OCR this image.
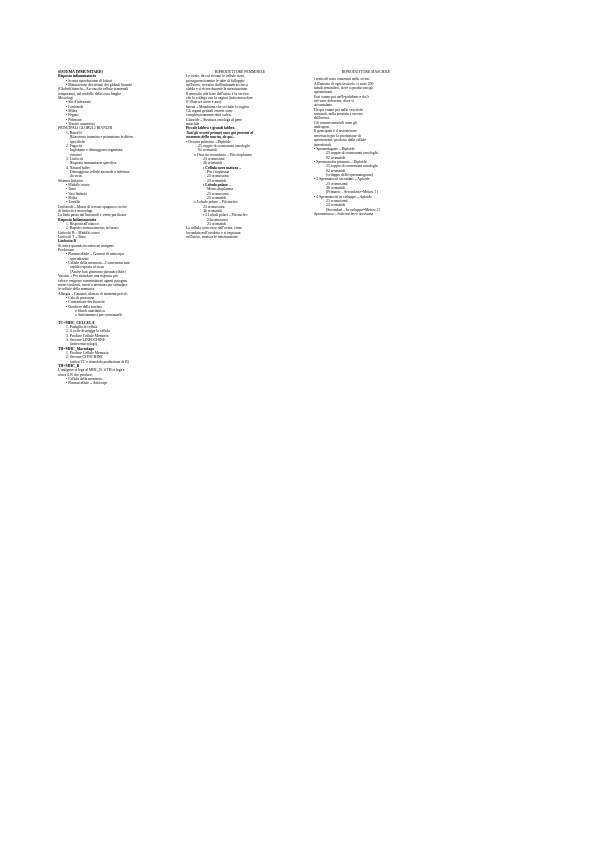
SISTEMA IMMUNITARIO
Risposta infiammatoria
• Scarsa riproduzione di fattori
• Maturazione dei tessuti dei globuli bianchi
(Globuli bianchi→Escono da cellule stamenali
temporanei, nel midollo dello ossa lunghe
Microfagi
• Siti d'infezione
• Linfonodi
• Milza
• Fegato
• Polmone
• Tessuti connettivi
PRINCIPALI GLOBULI BIANCHI
1. Basofili
Rilasciono istamina e potenziano le difese
specifiche
2. Fagociti
Inglobano e distruggono organismi
estranei
3. Linfociti
Risposta immunitaria specifica
4. Natural killer
Distruggono cellule anomale o infettate
da virus
Sistema linfatico
• Midollo osseo
• Timo
• Vasi linfatici
• Milza
• Tonsille
Linfonodi→Masse di tessuto spugnoso ricche
di linfociti e macrofagi
La linfa passa dai linfonodi e viene purificata
Risposta Infiammatoria
1. Risposta all'attacco
2. Rapido riconoscimento in futuro
Linfociti B→Midollo osseo
Linfociti T→Timo
Linfocita B
Si attiva quando incontra un antigene
Producono
• Plasmacellule→Creatori di anticorpo
specializzati
• Cellule della memoria→Consentono una
rapida risposta al virus
[Anche loro generano plasmacellule]
Vaccini→Per stimolare una risposta più
veloce vengono somministrati agenti patogeni
meno virulenti, morti o attenuati per stimolare
le cellule della memoria
Allergia→Causano rilascio di istamina perciò:
• Calo di pressione
• Contrazione dei bronchi
• Gonfiore della trachea
o Shock anafilattico
o Antistaminici per contrastarlo
TC+MHC_CELLULA
1. Punsglia la cellula
2. A volte distrugge la cellula
3. Produce Cellule Memoria
4. Secerne LINFOCHINE
(attiva macrofagi)
TH+MHC_Macrofago
1. Produce Cellule Memoria
2. Secerne CITOCHINE
(attiva TC e stimolala produzione di B)
TH+MHC_B
L'antigene si lega al MHC_B, il TH si lega e
attiva il B che produce:
• Cellule della memoria
• Plasmacellule→Anticorpi
RIPRODUTTORE FEMMINILE
Le ovaie, da cui escono le cellule uovo,
proseguono tramite le tube di falloppio
nell'utero, rivestito dall'endometrio che si
sfalda e si ricrea durante la mestruazione.
Il muscolo alla base dell'utero è la cervice,
che lo collega con la vagina (tubo muscolare
8-10cm tra utero e ano).
Imene→Membrana che occlude la vagina.
Gli organi genitali esterni sono
complessivamente detti vulva.
Clitoride→Struttura omologa al pene
maschile
Piccole labbra e grandi labbra
Tutti gli ovociti primari sono già presenti al
momento della nascita, da qui...
• Ovocita primario→Diploide
23 coppie di cromosomi omologhi
92 cromatidi
o Ovocita secondario→Più citoplasma
23 cromosomi
46 cromatidi
▪ Cellula uovo matura→
Più citoplasma
23 cromosomi
23 cromatidi
▪ Lobulo polare→
Meno citoplasma
23 cromosomi
23 cromatidi
o Lobulo polare→Più nucleo
23 cromosomi
46 cromatidi
▪ 2 Lobuli polari→Più nucleo
23cromosomi
23 cromatidi
La cellula uovo esce dall'ovaia, viene
fecondata nell'ovidotto e si impianta
nell'utero, innesca le mestruazione.
RIPRODUTTORE MASCHILE
I testicoli sono contenuti nello scroto
All'interno di ogni testicolo ci sono 250
tubuli seminiferi, dove si producono gli
spermatozoi.
Essi vanno poi nell'epididimo e da lì
nel vaso deferente, dove si
accumulano.
Da qui vanno poi nelle vescicole
seminali, nella prostata e escono
dall'uretra.
Gli ormoni maschili sono gli
androgeni.
Il principale è il testosterone
necessario per la produzione di
spermatozoi, prodotto dalle cellule
interstiziali.
• Spermatogone→Diploide
23 coppie di cromosomi omologhi
92 cromatidi
• Spermatocita primario→Diploide
23 coppie di cromosomi omologhi
92 cromatidi
[sviluppo dello spermatogonio]
• 2 Spermatociti secondari→Aploide
23 cromosomi
46 cromatidi
[Primario – Secondario=Meiosi 1]
• 4 Spermatociti in sviluppo→Aploide
23 cromosomi
23 cromatidi
[Secondari – In sviluppo=Meiosi 2]
Spermatozoo→Solo nucleo e acrosoma
